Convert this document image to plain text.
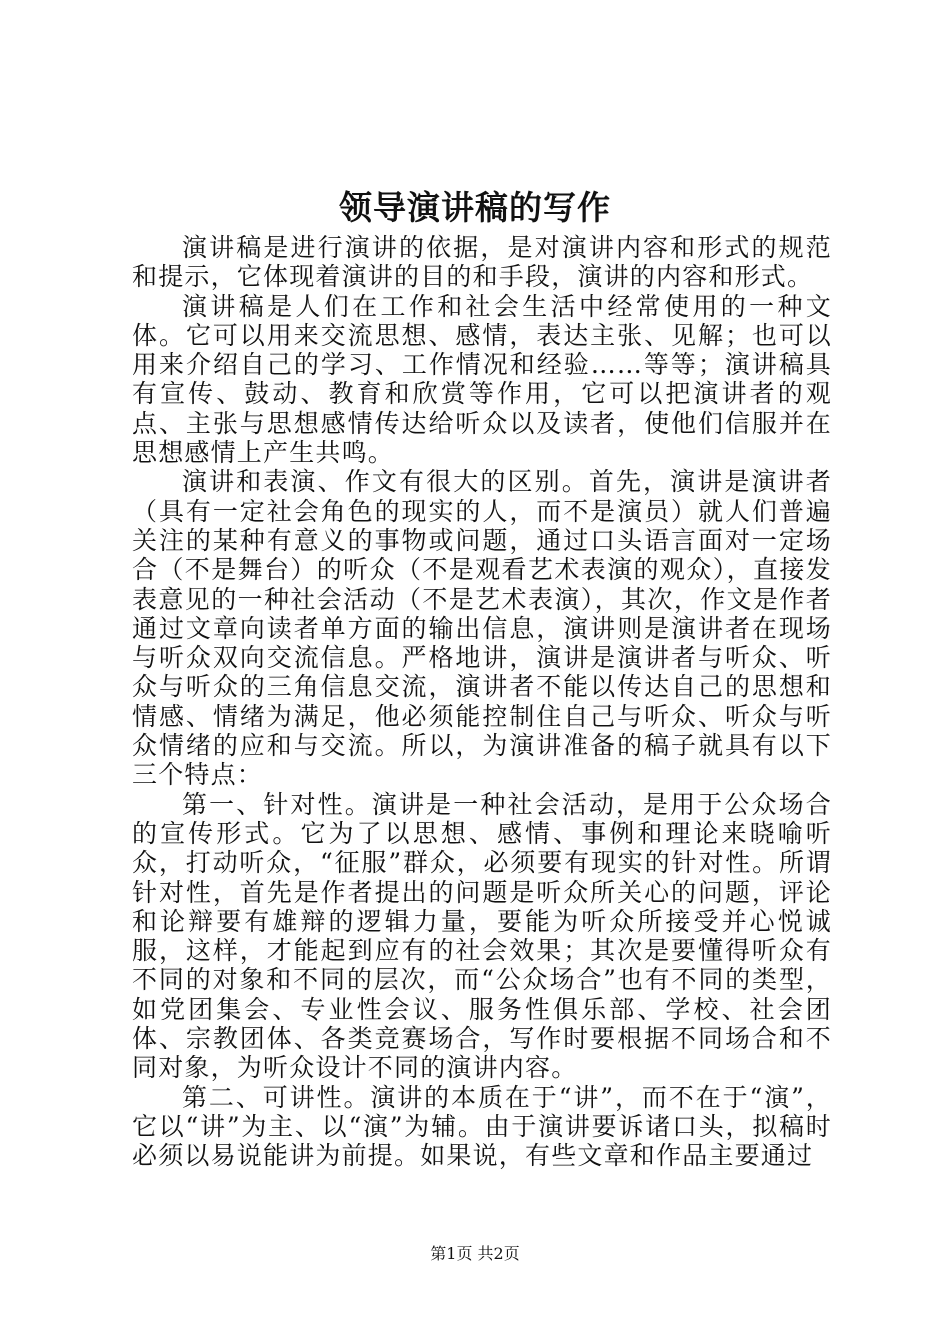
领导演讲稿的写作

演讲稿是进行演讲的依据，是对演讲内容和形式的规范和提示，它体现着演讲的目的和手段，演讲的内容和形式。

演讲稿是人们在工作和社会生活中经常使用的一种文体。它可以用来交流思想、感情，表达主张、见解；也可以用来介绍自己的学习、工作情况和经验……等等；演讲稿具有宣传、鼓动、教育和欣赏等作用，它可以把演讲者的观点、主张与思想感情传达给听众以及读者，使他们信服并在思想感情上产生共鸣。

演讲和表演、作文有很大的区别。首先，演讲是演讲者（具有一定社会角色的现实的人，而不是演员）就人们普遍关注的某种有意义的事物或问题，通过口头语言面对一定场合（不是舞台）的听众（不是观看艺术表演的观众），直接发表意见的一种社会活动（不是艺术表演），其次，作文是作者通过文章向读者单方面的输出信息，演讲则是演讲者在现场与听众双向交流信息。严格地讲，演讲是演讲者与听众、听众与听众的三角信息交流，演讲者不能以传达自己的思想和情感、情绪为满足，他必须能控制住自己与听众、听众与听众情绪的应和与交流。所以，为演讲准备的稿子就具有以下三个特点：

第一、针对性。演讲是一种社会活动，是用于公众场合的宣传形式。它为了以思想、感情、事例和理论来晓喻听众，打动听众，“征服”群众，必须要有现实的针对性。所谓针对性，首先是作者提出的问题是听众所关心的问题，评论和论辩要有雄辩的逻辑力量，要能为听众所接受并心悦诚服，这样，才能起到应有的社会效果；其次是要懂得听众有不同的对象和不同的层次，而“公众场合”也有不同的类型，如党团集会、专业性会议、服务性俱乐部、学校、社会团体、宗教团体、各类竞赛场合，写作时要根据不同场合和不同对象，为听众设计不同的演讲内容。

第二、可讲性。演讲的本质在于“讲”，而不在于“演”，它以“讲”为主、以“演”为辅。由于演讲要诉诸口头，拟稿时必须以易说能讲为前提。如果说，有些文章和作品主要通过

第1页 共2页
